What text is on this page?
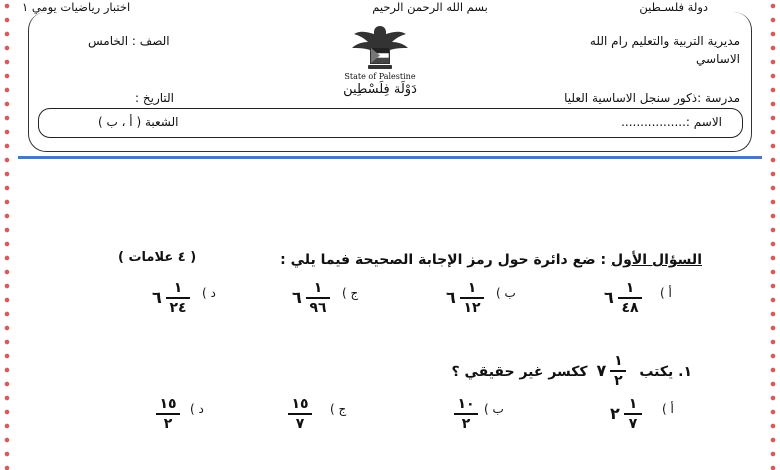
دولة فلسـطين
بسم الله الرحمن الرحيم
اختبار رياضيات يومي ١
مديرية التربية والتعليم رام الله
الاساسي
الصف : الخامس
State of Palestine
دَوْلَة فِلَسْطِين
مدرسة :ذكور سنجل الاساسية العليا
التاريخ :
الاسم :.................
الشعبة ( أ ، ب )
السؤال الأول : ضع دائرة حول رمز الإجابة الصحيحة فيما يلي :
( ٤ علامات )
أ )
١
٤٨
٦
ب )
١
١٢
٦
ج )
١
٩٦
٦
د )
١
٢٤
٦
١. يكتب
١
٢
٧
ككسر غير حقيقي ؟
أ )
١
٧
٢
ب )
١٠
٢
ج )
١٥
٧
د )
١٥
٢
